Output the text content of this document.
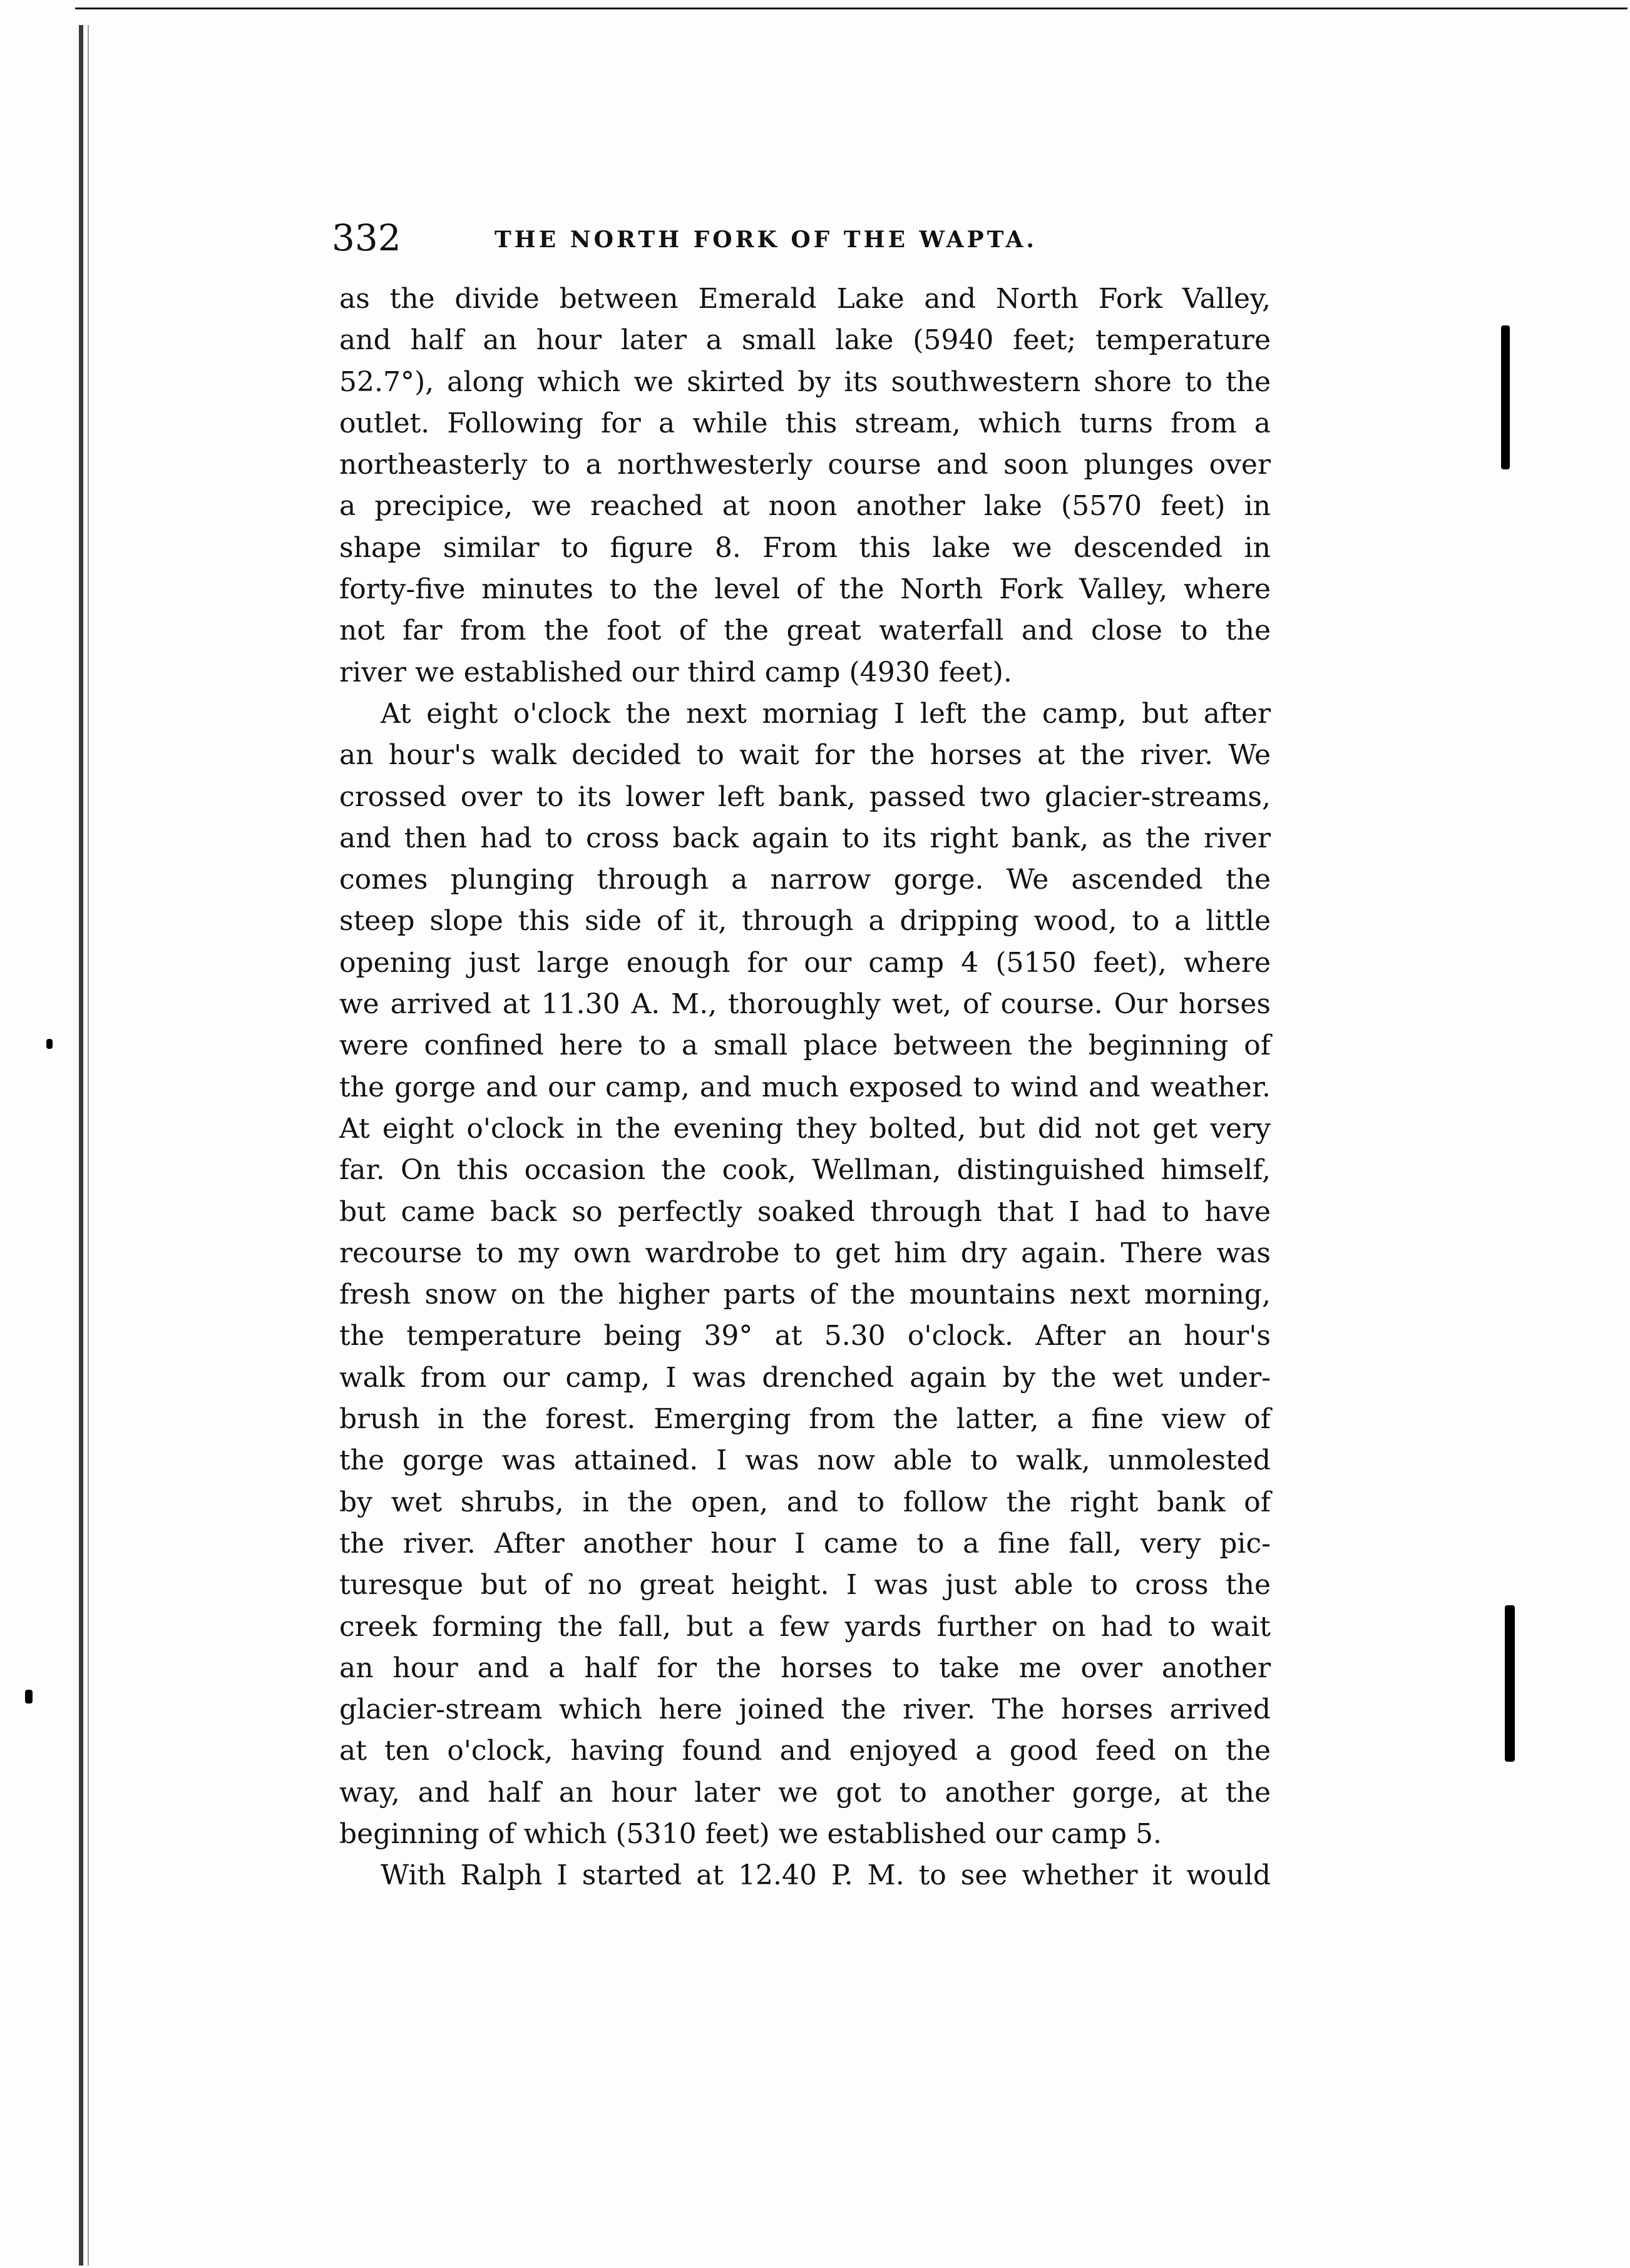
332	THE NORTH FORK OF THE WAPTA.
as the divide between Emerald Lake and North Fork Valley,
and half an hour later a small lake (5940 feet; temperature
52.7°), along which we skirted by its southwestern shore to the
outlet. Following for a while this stream, which turns from a
northeasterly to a northwesterly course and soon plunges over
a precipice, we reached at noon another lake (5570 feet) in
shape similar to figure 8. From this lake we descended in
forty-five minutes to the level of the North Fork Valley, where
not far from the foot of the great waterfall and close to the
river we established our third camp (4930 feet).
At eight o'clock the next morniag I left the camp, but after
an hour's walk decided to wait for the horses at the river. We
crossed over to its lower left bank, passed two glacier-streams,
and then had to cross back again to its right bank, as the river
comes plunging through a narrow gorge. We ascended the
steep slope this side of it, through a dripping wood, to a little
opening just large enough for our camp 4 (5150 feet), where
we arrived at 11.30 A. M., thoroughly wet, of course. Our horses
were confined here to a small place between the beginning of
the gorge and our camp, and much exposed to wind and weather.
At eight o'clock in the evening they bolted, but did not get very
far. On this occasion the cook, Wellman, distinguished himself,
but came back so perfectly soaked through that I had to have
recourse to my own wardrobe to get him dry again. There was
fresh snow on the higher parts of the mountains next morning,
the temperature being 39° at 5.30 o'clock. After an hour's
walk from our camp, I was drenched again by the wet under-
brush in the forest. Emerging from the latter, a fine view of
the gorge was attained. I was now able to walk, unmolested
by wet shrubs, in the open, and to follow the right bank of
the river. After another hour I came to a fine fall, very pic-
turesque but of no great height. I was just able to cross the
creek forming the fall, but a few yards further on had to wait
an hour and a half for the horses to take me over another
glacier-stream which here joined the river. The horses arrived
at ten o'clock, having found and enjoyed a good feed on the
way, and half an hour later we got to another gorge, at the
beginning of which (5310 feet) we established our camp 5.
With Ralph I started at 12.40 P. M. to see whether it would
